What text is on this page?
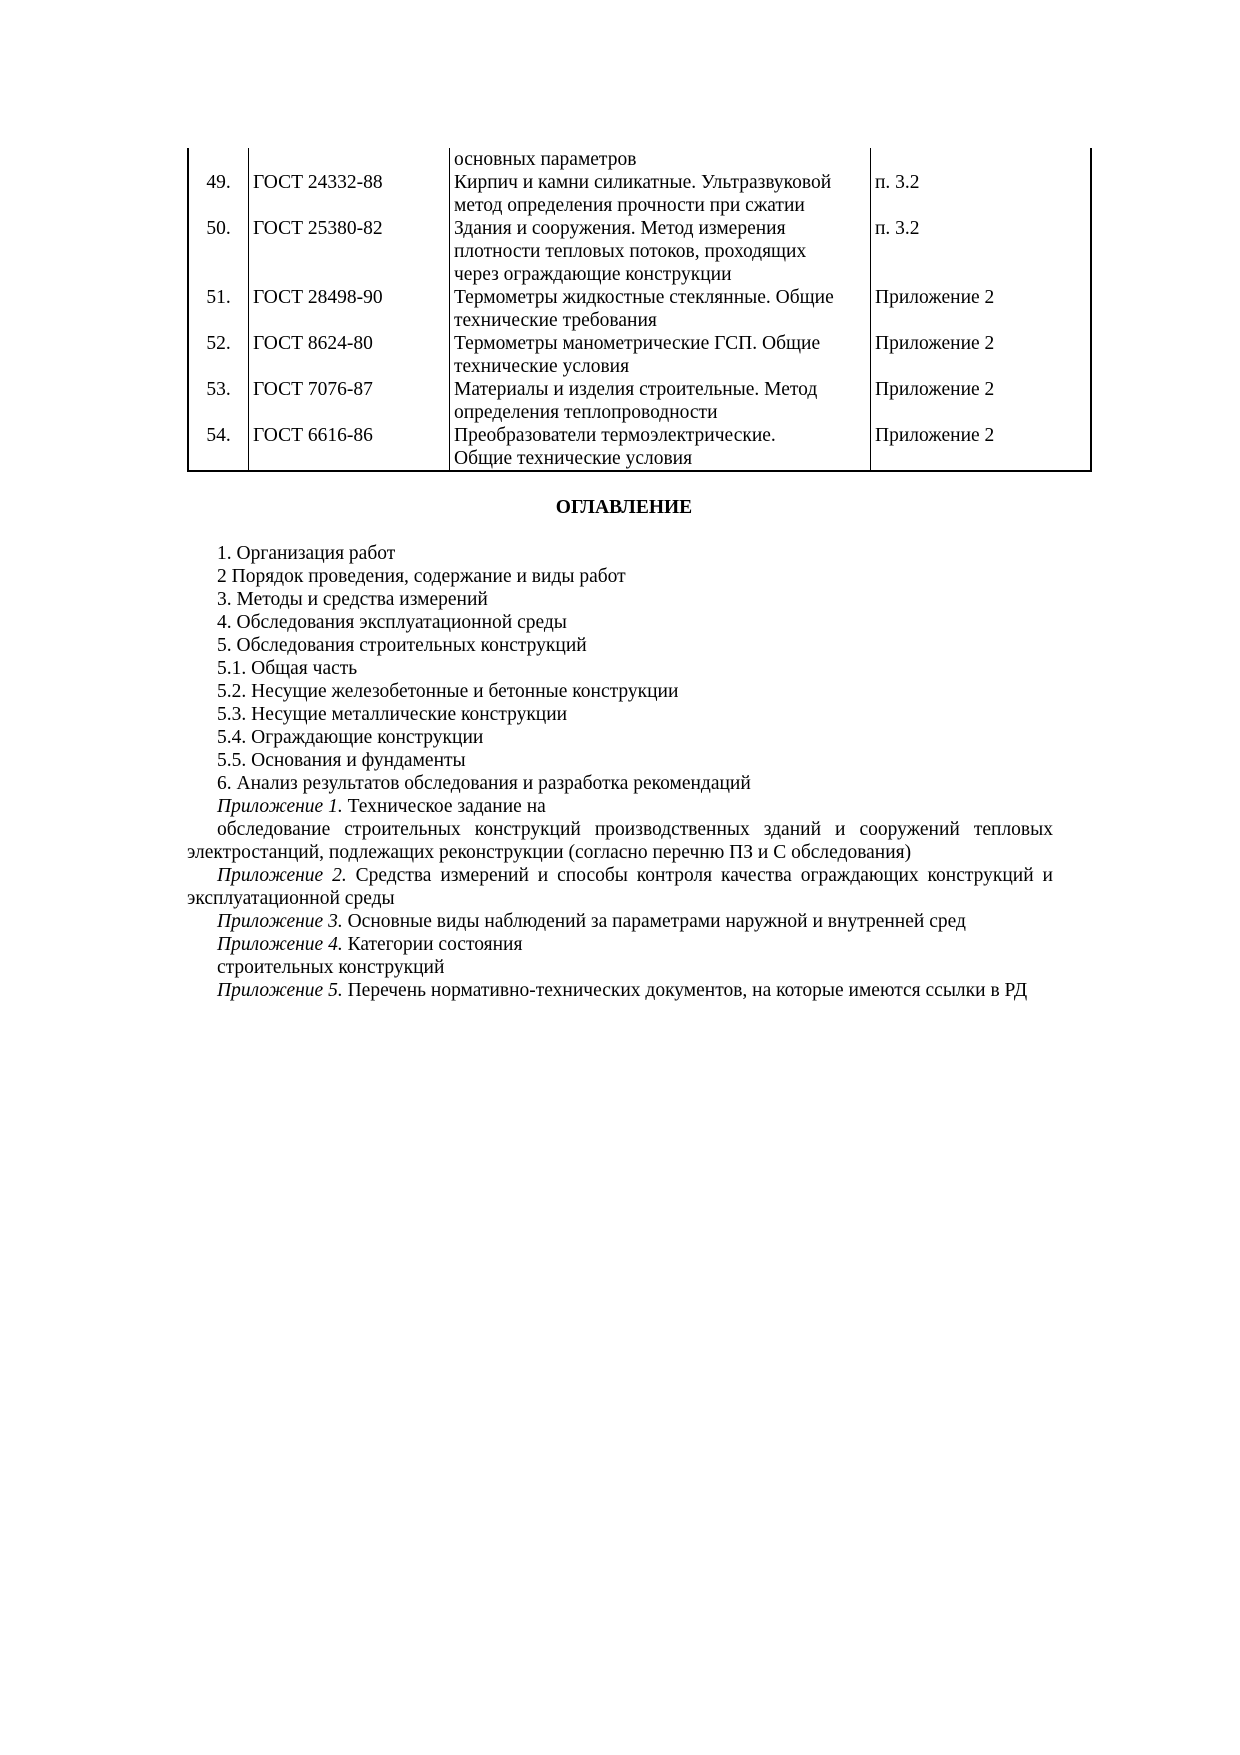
		основных параметров	

49.	ГОСТ 24332-88	Кирпич и камни силикатные. Ультразвуковой
метод определения прочности при сжатии	п. 3.2
50.	ГОСТ 25380-82	Здания и сооружения. Метод измерения
плотности тепловых потоков, проходящих
через ограждающие конструкции	п. 3.2
51.	ГОСТ 28498-90	Термометры жидкостные стеклянные. Общие
технические требования	Приложение 2
52.	ГОСТ 8624-80	Термометры манометрические ГСП. Общие
технические условия	Приложение 2
53.	ГОСТ 7076-87	Материалы и изделия строительные. Метод
определения теплопроводности	Приложение 2
54.	ГОСТ 6616-86	Преобразователи термоэлектрические.
Общие технические условия	Приложение 2
ОГЛАВЛЕНИЕ
1. Организация работ
2 Порядок проведения, содержание и виды работ
3. Методы и средства измерений
4. Обследования эксплуатационной среды
5. Обследования строительных конструкций
5.1. Общая часть
5.2. Несущие железобетонные и бетонные конструкции
5.3. Несущие металлические конструкции
5.4. Ограждающие конструкции
5.5. Основания и фундаменты
6. Анализ результатов обследования и разработка рекомендаций
Приложение 1. Техническое задание на
обследование строительных конструкций производственных зданий и сооружений тепловых
электростанций, подлежащих реконструкции (согласно перечню ПЗ и С обследования)
Приложение 2. Средства измерений и способы контроля качества ограждающих конструкций и эксплуатационной среды
Приложение 3. Основные виды наблюдений за параметрами наружной и внутренней сред
Приложение 4. Категории состояния
строительных конструкций
Приложение 5. Перечень нормативно-технических документов, на которые имеются ссылки в РД
